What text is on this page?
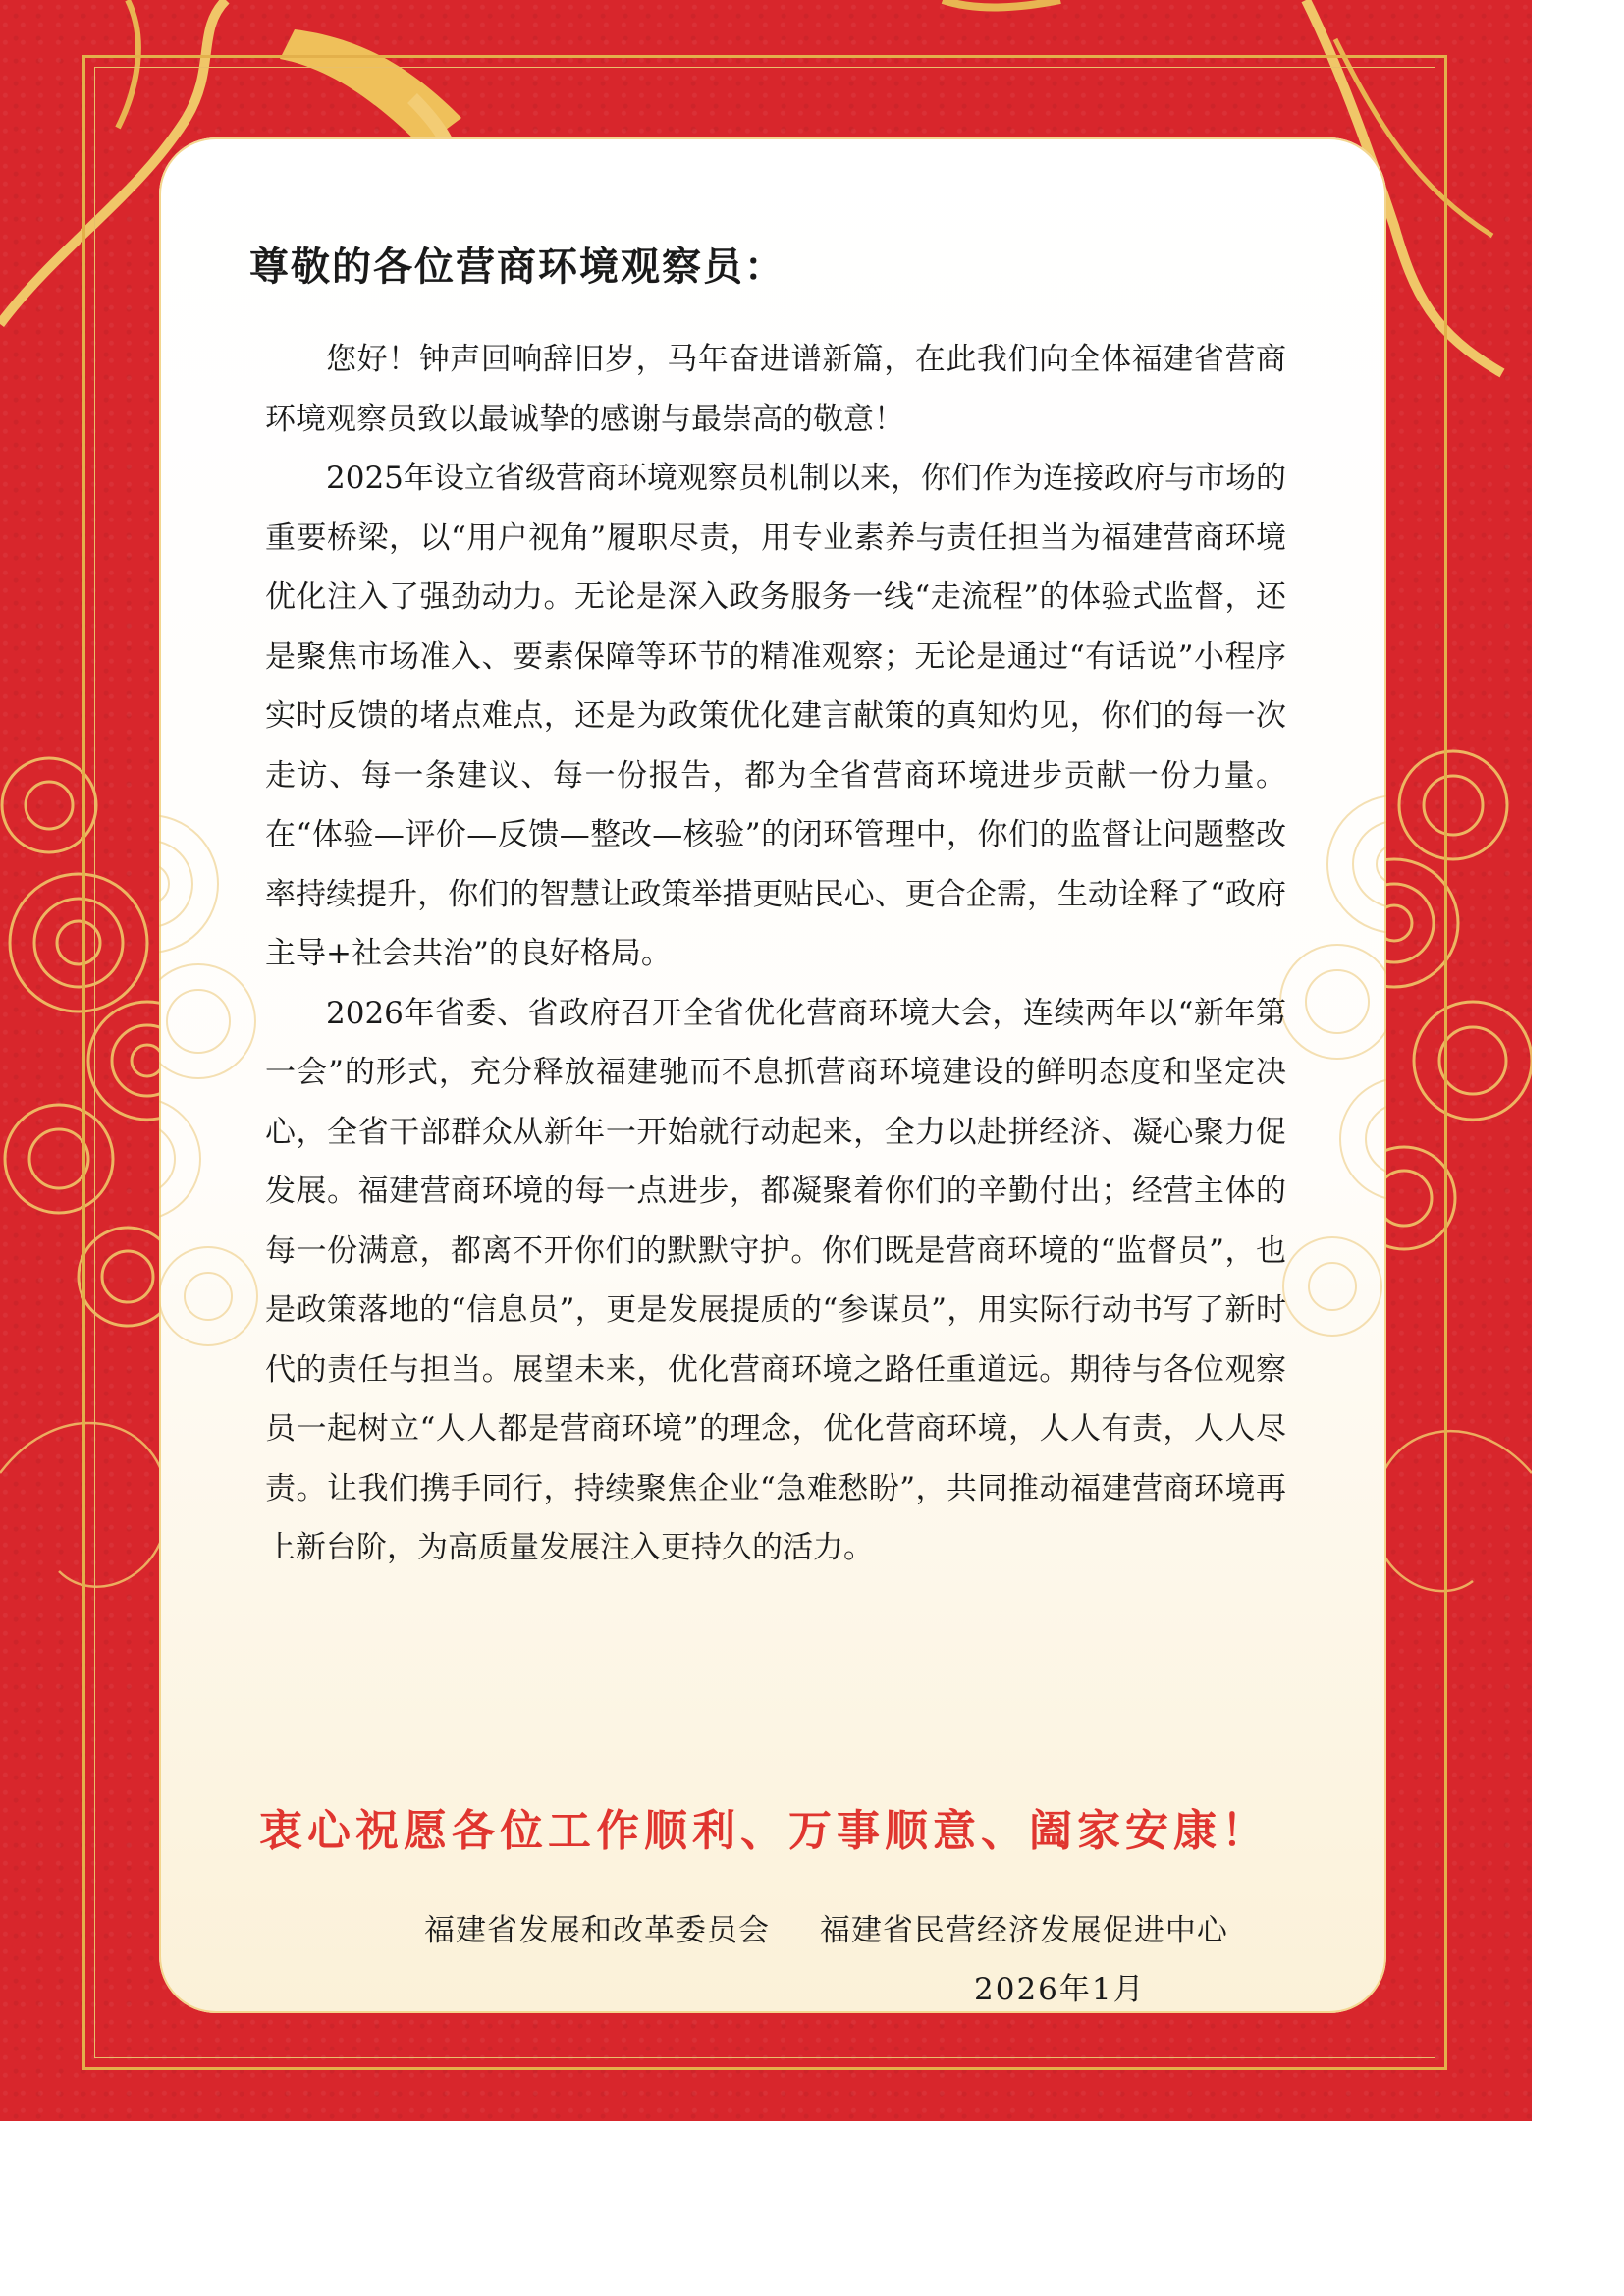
尊敬的各位营商环境观察员：

您好！钟声回响辞旧岁，马年奋进谱新篇，在此我们向全体福建省营商环境观察员致以最诚挚的感谢与最崇高的敬意！

2025年设立省级营商环境观察员机制以来，你们作为连接政府与市场的重要桥梁，以“用户视角”履职尽责，用专业素养与责任担当为福建营商环境优化注入了强劲动力。无论是深入政务服务一线“走流程”的体验式监督，还是聚焦市场准入、要素保障等环节的精准观察；无论是通过“有话说”小程序实时反馈的堵点难点，还是为政策优化建言献策的真知灼见，你们的每一次走访、每一条建议、每一份报告，都为全省营商环境进步贡献一份力量。在“体验—评价—反馈—整改—核验”的闭环管理中，你们的监督让问题整改率持续提升，你们的智慧让政策举措更贴民心、更合企需，生动诠释了“政府主导+社会共治”的良好格局。

2026年省委、省政府召开全省优化营商环境大会，连续两年以“新年第一会”的形式，充分释放福建驰而不息抓营商环境建设的鲜明态度和坚定决心，全省干部群众从新年一开始就行动起来，全力以赴拼经济、凝心聚力促发展。福建营商环境的每一点进步，都凝聚着你们的辛勤付出；经营主体的每一份满意，都离不开你们的默默守护。你们既是营商环境的“监督员”，也是政策落地的“信息员”，更是发展提质的“参谋员”，用实际行动书写了新时代的责任与担当。展望未来，优化营商环境之路任重道远。期待与各位观察员一起树立“人人都是营商环境”的理念，优化营商环境，人人有责，人人尽责。让我们携手同行，持续聚焦企业“急难愁盼”，共同推动福建营商环境再上新台阶，为高质量发展注入更持久的活力。

衷心祝愿各位工作顺利、万事顺意、阖家安康！
福建省发展和改革委员会 福建省民营经济发展促进中心
2026年1月
